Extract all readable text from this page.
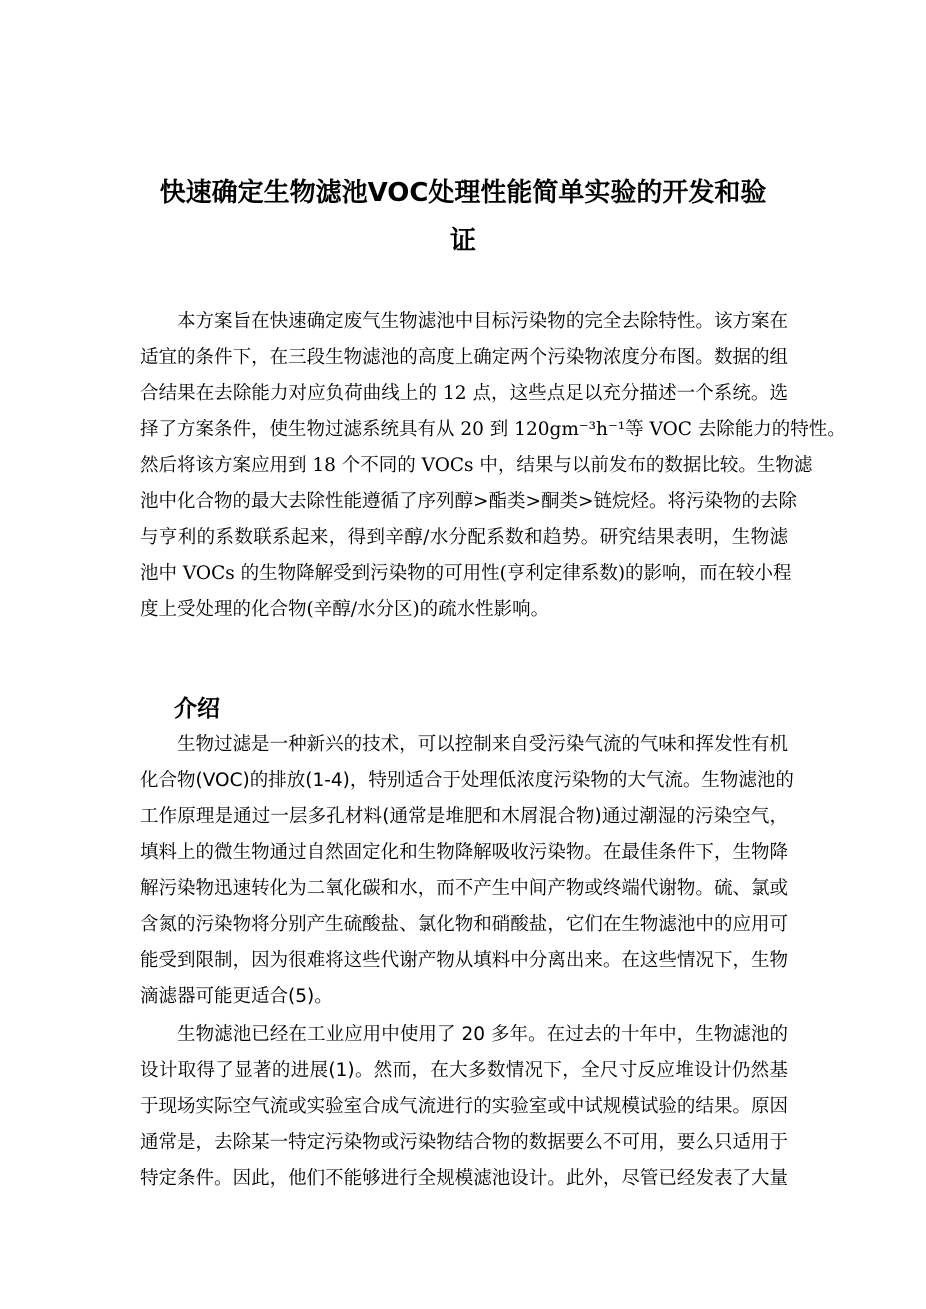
快速确定生物滤池VOC处理性能简单实验的开发和验
证
本方案旨在快速确定废气生物滤池中目标污染物的完全去除特性。该方案在
适宜的条件下，在三段生物滤池的高度上确定两个污染物浓度分布图。数据的组
合结果在去除能力对应负荷曲线上的 12 点，这些点足以充分描述一个系统。选
择了方案条件，使生物过滤系统具有从 20 到 120gm⁻³h⁻¹等 VOC 去除能力的特性。
然后将该方案应用到 18 个不同的 VOCs 中，结果与以前发布的数据比较。生物滤
池中化合物的最大去除性能遵循了序列醇>酯类>酮类>链烷烃。将污染物的去除
与亨利的系数联系起来，得到辛醇/水分配系数和趋势。研究结果表明，生物滤
池中 VOCs 的生物降解受到污染物的可用性(亨利定律系数)的影响，而在较小程
度上受处理的化合物(辛醇/水分区)的疏水性影响。
介绍
生物过滤是一种新兴的技术，可以控制来自受污染气流的气味和挥发性有机
化合物(VOC)的排放(1-4)，特别适合于处理低浓度污染物的大气流。生物滤池的
工作原理是通过一层多孔材料(通常是堆肥和木屑混合物)通过潮湿的污染空气，
填料上的微生物通过自然固定化和生物降解吸收污染物。在最佳条件下，生物降
解污染物迅速转化为二氧化碳和水，而不产生中间产物或终端代谢物。硫、氯或
含氮的污染物将分别产生硫酸盐、氯化物和硝酸盐，它们在生物滤池中的应用可
能受到限制，因为很难将这些代谢产物从填料中分离出来。在这些情况下，生物
滴滤器可能更适合(5)。
生物滤池已经在工业应用中使用了 20 多年。在过去的十年中，生物滤池的
设计取得了显著的进展(1)。然而，在大多数情况下，全尺寸反应堆设计仍然基
于现场实际空气流或实验室合成气流进行的实验室或中试规模试验的结果。原因
通常是，去除某一特定污染物或污染物结合物的数据要么不可用，要么只适用于
特定条件。因此，他们不能够进行全规模滤池设计。此外，尽管已经发表了大量
